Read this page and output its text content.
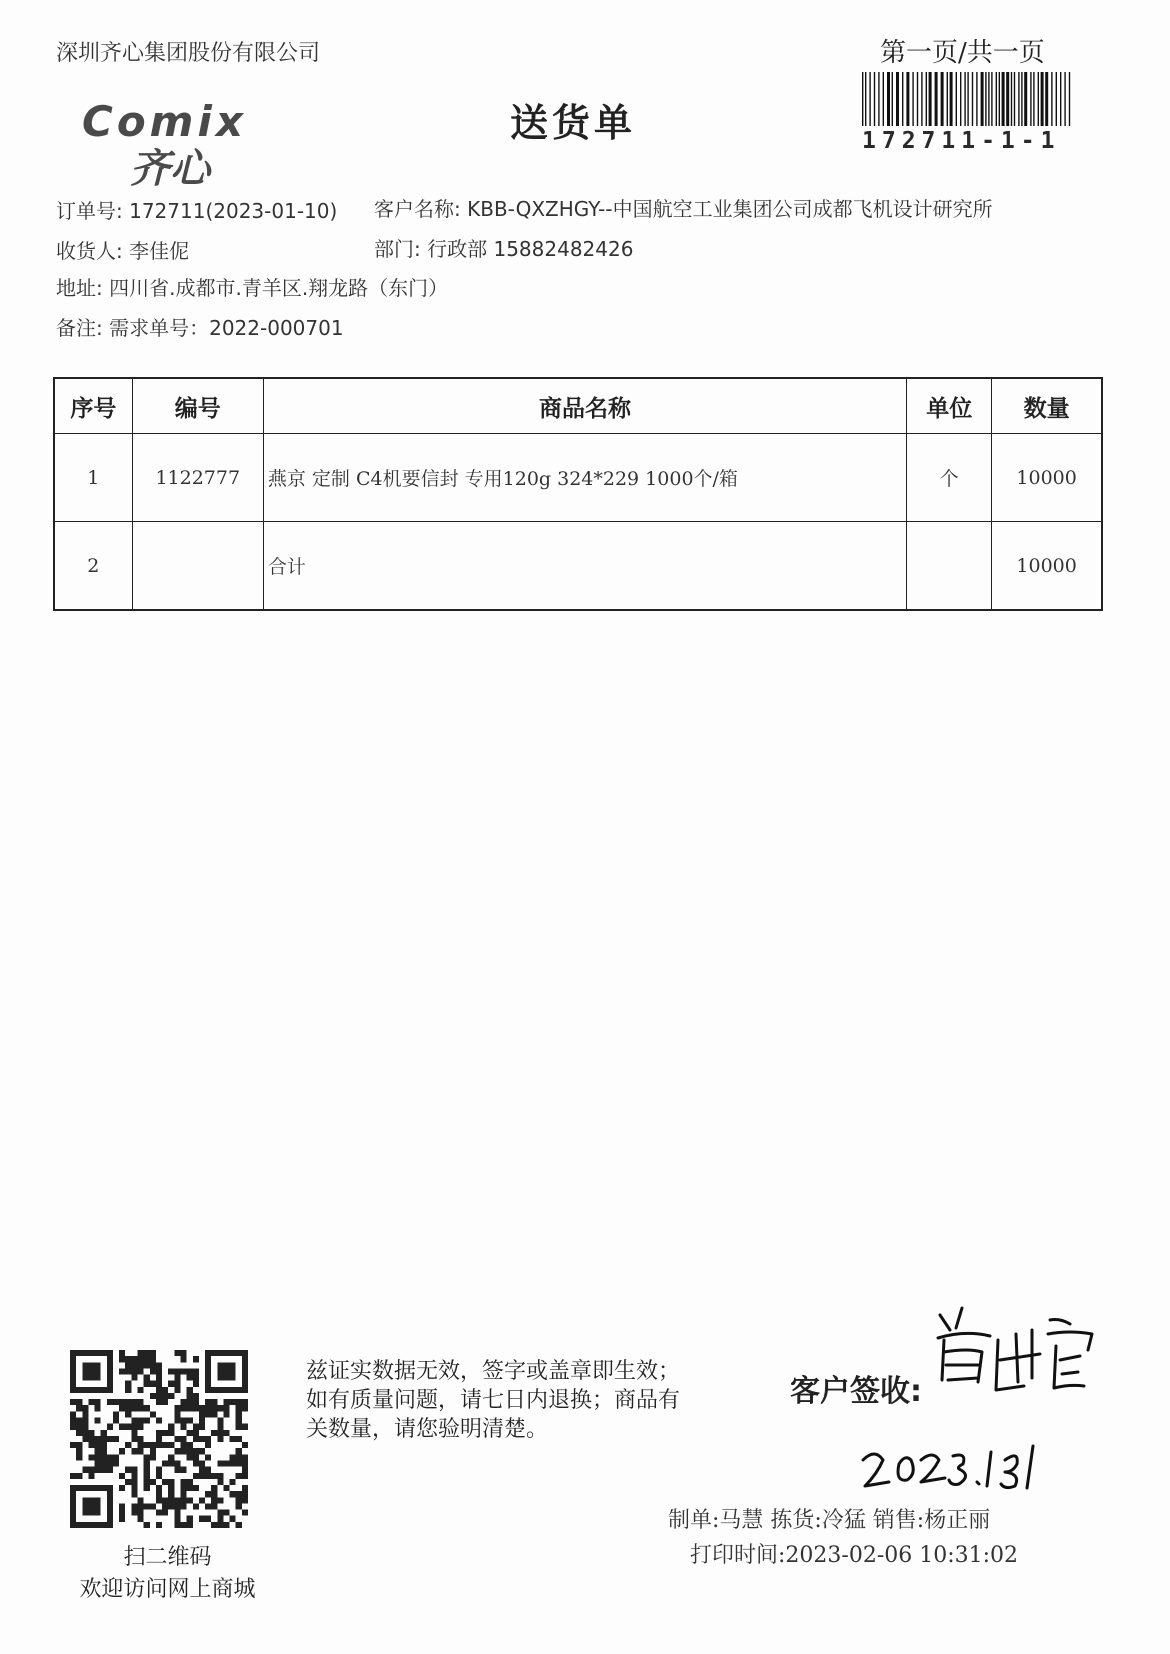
深圳齐心集团股份有限公司	第一页/共一页
172711-1-1
Comix
齐心
送货单
订单号: 172711(2023-01-10) 客户名称: KBB-QXZHGY--中国航空工业集团公司成都飞机设计研究所
收货人: 李佳伲	部门: 行政部 15882482426
地址: 四川省.成都市.青羊区.翔龙路（东门）
备注: 需求单号：2022-000701
序号	编号	商品名称	单位	数量
1	1122777	燕京 定制 C4机要信封 专用120g 324*229 1000个/箱	个	10000
2		合计		10000
扫二维码
欢迎访问网上商城
兹证实数据无效，签字或盖章即生效；如有质量问题，请七日内退换；商品有关数量，请您验明清楚。
客户签收:
制单:马慧 拣货:冷猛 销售:杨正丽
打印时间:2023-02-06 10:31:02
